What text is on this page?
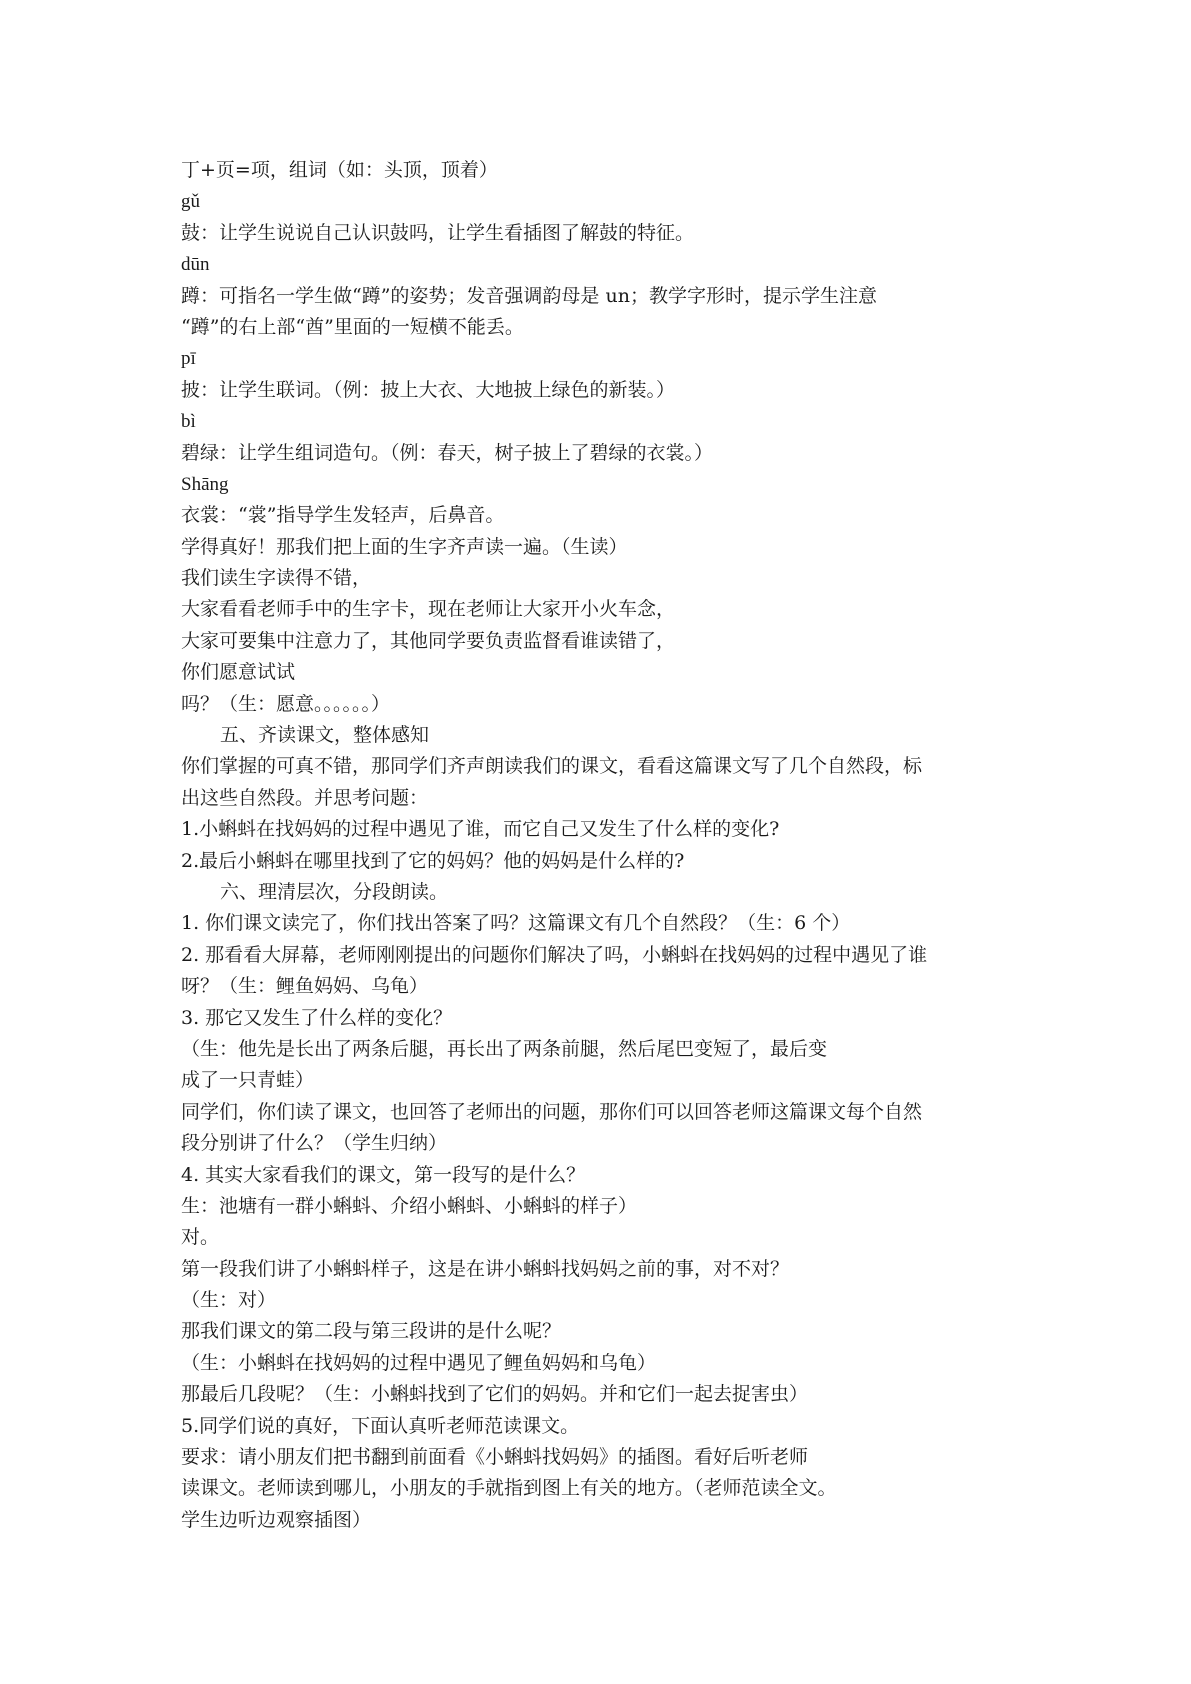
丁+页=项，组词（如：头顶，顶着）
gǔ
鼓：让学生说说自己认识鼓吗，让学生看插图了解鼓的特征。
dūn
蹲：可指名一学生做“蹲”的姿势；发音强调韵母是 un；教学字形时，提示学生注意
“蹲”的右上部“酋”里面的一短横不能丢。
pī
披：让学生联词。（例：披上大衣、大地披上绿色的新装。）
bì
碧绿：让学生组词造句。（例：春天，树子披上了碧绿的衣裳。）
Shāng
衣裳：“裳”指导学生发轻声，后鼻音。
学得真好！那我们把上面的生字齐声读一遍。（生读）
我们读生字读得不错，
大家看看老师手中的生字卡，现在老师让大家开小火车念，
大家可要集中注意力了，其他同学要负责监督看谁读错了，
你们愿意试试
吗？（生：愿意。。。。。。）
五、齐读课文，整体感知
你们掌握的可真不错，那同学们齐声朗读我们的课文，看看这篇课文写了几个自然段，标
出这些自然段。并思考问题：
1.小蝌蚪在找妈妈的过程中遇见了谁，而它自己又发生了什么样的变化?
2.最后小蝌蚪在哪里找到了它的妈妈？他的妈妈是什么样的?
六、理清层次，分段朗读。
1. 你们课文读完了，你们找出答案了吗？这篇课文有几个自然段？（生：6 个）
2. 那看看大屏幕，老师刚刚提出的问题你们解决了吗，小蝌蚪在找妈妈的过程中遇见了谁
呀？（生：鲤鱼妈妈、乌龟）
3. 那它又发生了什么样的变化？
（生：他先是长出了两条后腿，再长出了两条前腿，然后尾巴变短了，最后变
成了一只青蛙）
同学们，你们读了课文，也回答了老师出的问题，那你们可以回答老师这篇课文每个自然
段分别讲了什么？（学生归纳）
4. 其实大家看我们的课文，第一段写的是什么？
生：池塘有一群小蝌蚪、介绍小蝌蚪、小蝌蚪的样子）
对。
第一段我们讲了小蝌蚪样子，这是在讲小蝌蚪找妈妈之前的事，对不对？
（生：对）
那我们课文的第二段与第三段讲的是什么呢？
（生：小蝌蚪在找妈妈的过程中遇见了鲤鱼妈妈和乌龟）
那最后几段呢？（生：小蝌蚪找到了它们的妈妈。并和它们一起去捉害虫）
5.同学们说的真好，下面认真听老师范读课文。
要求：请小朋友们把书翻到前面看《小蝌蚪找妈妈》的插图。看好后听老师
读课文。老师读到哪儿，小朋友的手就指到图上有关的地方。（老师范读全文。
学生边听边观察插图）
